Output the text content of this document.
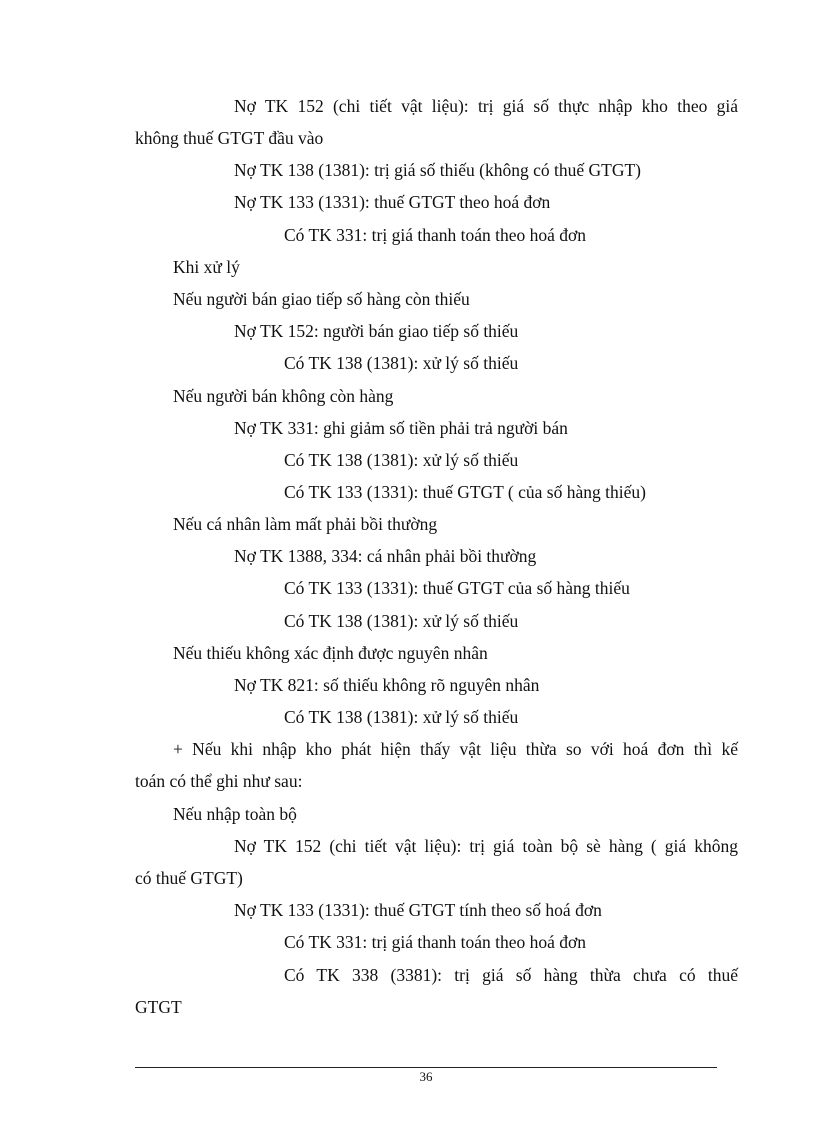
Nợ TK 152 (chi tiết vật liệu): trị giá số thực nhập kho theo giá
không thuế GTGT đầu vào
Nợ TK 138 (1381): trị giá số thiếu (không có thuế GTGT)
Nợ TK 133 (1331): thuế GTGT theo hoá đơn
Có TK 331: trị giá thanh toán theo hoá đơn
Khi xử lý
Nếu người bán giao tiếp số hàng còn thiếu
Nợ TK 152: người bán giao tiếp số thiếu
Có TK 138 (1381): xử lý số thiếu
Nếu người bán không còn hàng
Nợ TK 331: ghi giảm số tiền phải trả người bán
Có TK 138 (1381): xử lý số thiếu
Có TK 133 (1331): thuế GTGT ( của số hàng thiếu)
Nếu cá nhân làm mất phải bồi thường
Nợ TK 1388, 334: cá nhân phải bồi thường
Có TK 133 (1331): thuế GTGT của số hàng thiếu
Có TK 138 (1381): xử lý số thiếu
Nếu thiếu không xác định được nguyên nhân
Nợ TK 821: số thiếu không rõ nguyên nhân
Có TK 138 (1381): xử lý số thiếu
+ Nếu khi nhập kho phát hiện thấy vật liệu thừa so với hoá đơn thì kế
toán có thể ghi như sau:
Nếu nhập toàn bộ
Nợ TK 152 (chi tiết vật liệu): trị giá toàn bộ sè hàng ( giá không
có thuế GTGT)
Nợ TK 133 (1331): thuế GTGT tính theo số hoá đơn
Có TK 331: trị giá thanh toán theo hoá đơn
Có TK 338 (3381): trị giá số hàng thừa chưa có thuế
GTGT
36
